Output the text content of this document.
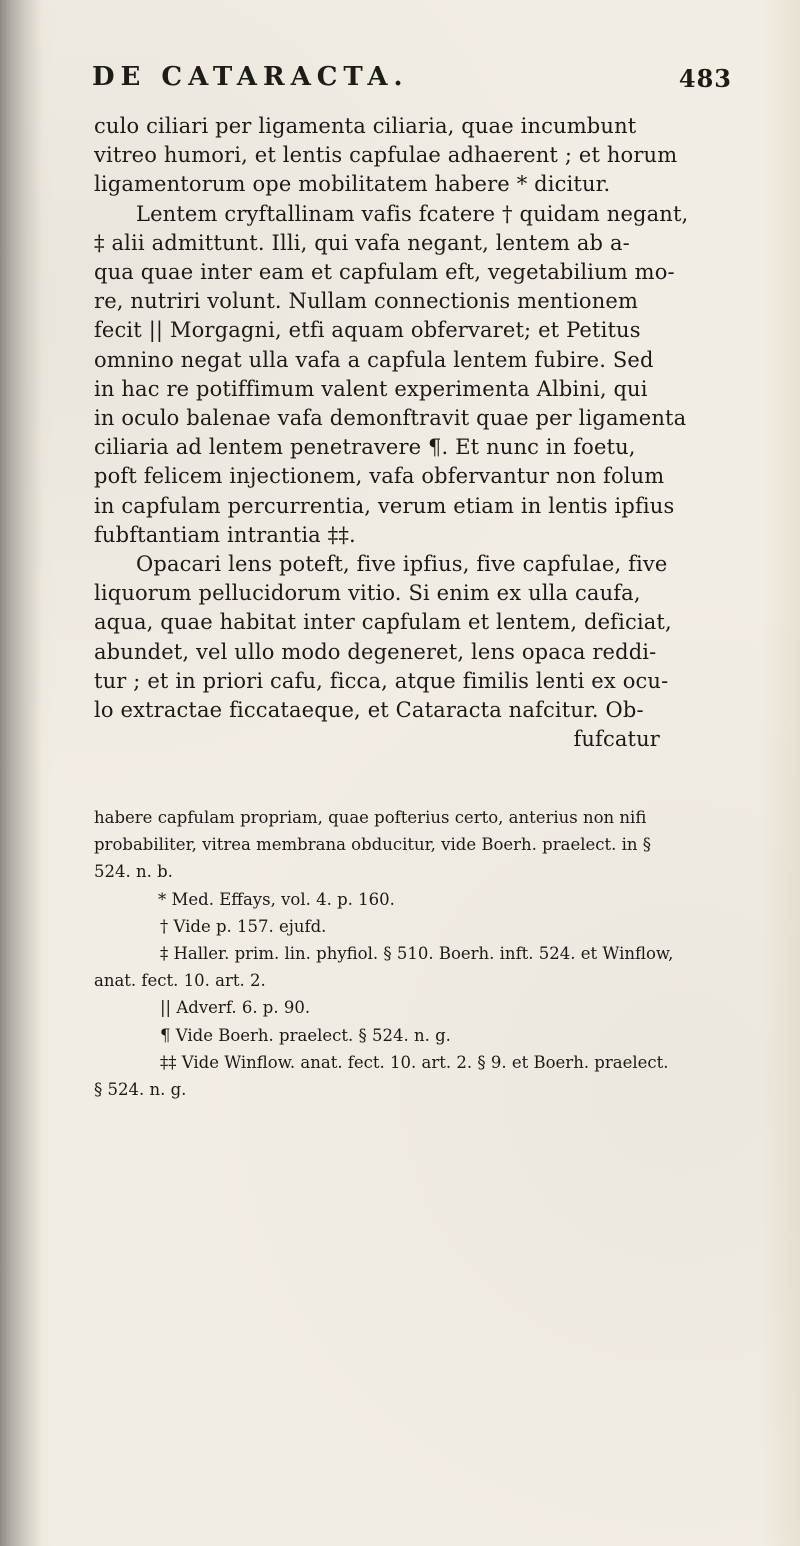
DE CATARACTA.	483
culo ciliari per ligamenta ciliaria, quae incumbunt
vitreo humori, et lentis capfulae adhaerent ; et horum
ligamentorum ope mobilitatem habere * dicitur.
Lentem cryftallinam vafis fcatere † quidam negant,
‡ alii admittunt. Illi, qui vafa negant, lentem ab a-
qua quae inter eam et capfulam eft, vegetabilium mo-
re, nutriri volunt. Nullam connectionis mentionem
fecit || Morgagni, etfi aquam obfervaret; et Petitus
omnino negat ulla vafa a capfula lentem fubire. Sed
in hac re potiffimum valent experimenta Albini, qui
in oculo balenae vafa demonftravit quae per ligamenta
ciliaria ad lentem penetravere ¶. Et nunc in foetu,
poft felicem injectionem, vafa obfervantur non folum
in capfulam percurrentia, verum etiam in lentis ipfius
fubftantiam intrantia ‡‡.
Opacari lens poteft, five ipfius, five capfulae, five
liquorum pellucidorum vitio. Si enim ex ulla caufa,
aqua, quae habitat inter capfulam et lentem, deficiat,
abundet, vel ullo modo degeneret, lens opaca reddi-
tur ; et in priori cafu, ficca, atque fimilis lenti ex ocu-
lo extractae ficcataeque, et Cataracta nafcitur. Ob-
fufcatur
habere capfulam propriam, quae pofterius certo, anterius non nifi
probabiliter, vitrea membrana obducitur, vide Boerh. praelect. in §
524. n. b.
* Med. Effays, vol. 4. p. 160.
† Vide p. 157. ejufd.
‡ Haller. prim. lin. phyfiol. § 510. Boerh. inft. 524. et Winflow,
anat. fect. 10. art. 2.
|| Adverf. 6. p. 90.
¶ Vide Boerh. praelect. § 524. n. g.
‡‡ Vide Winflow. anat. fect. 10. art. 2. § 9. et Boerh. praelect.
§ 524. n. g.
